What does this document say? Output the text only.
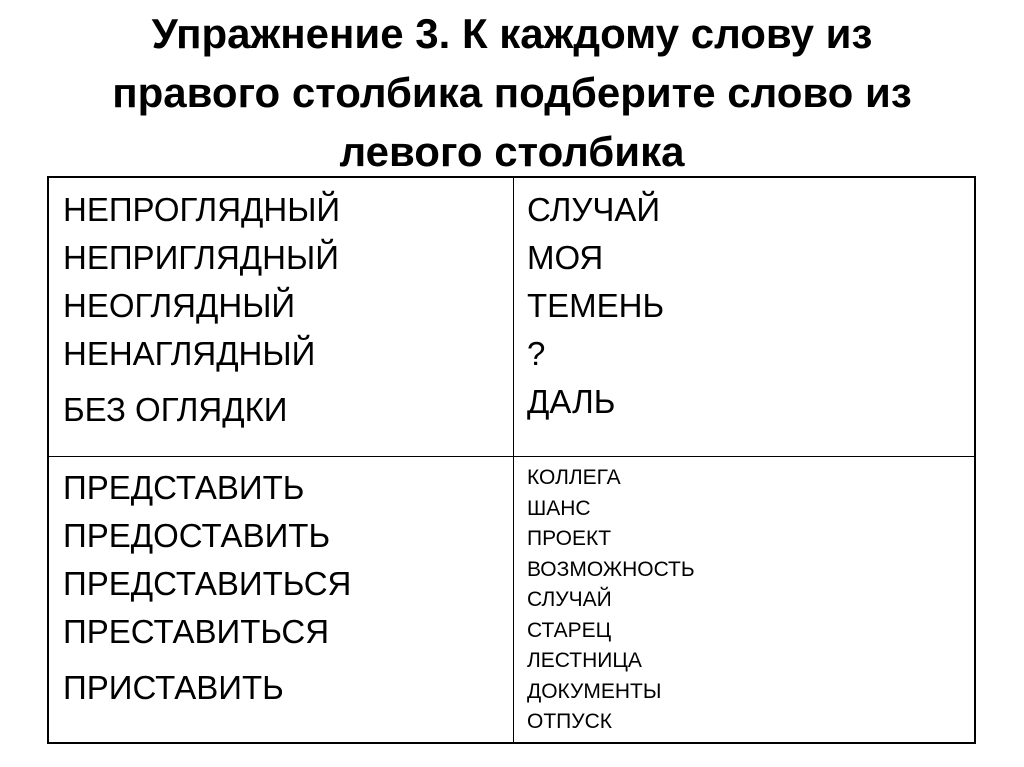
Упражнение 3. К каждому слову из
правого столбика подберите слово из
левого столбика
НЕПРОГЛЯДНЫЙ
НЕПРИГЛЯДНЫЙ
НЕОГЛЯДНЫЙ
НЕНАГЛЯДНЫЙ
БЕЗ ОГЛЯДКИ
СЛУЧАЙ
МОЯ
ТЕМЕНЬ
?
ДАЛЬ
ПРЕДСТАВИТЬ
ПРЕДОСТАВИТЬ
ПРЕДСТАВИТЬСЯ
ПРЕСТАВИТЬСЯ
ПРИСТАВИТЬ
КОЛЛЕГА
ШАНС
ПРОЕКТ
ВОЗМОЖНОСТЬ
СЛУЧАЙ
СТАРЕЦ
ЛЕСТНИЦА
ДОКУМЕНТЫ
ОТПУСК
